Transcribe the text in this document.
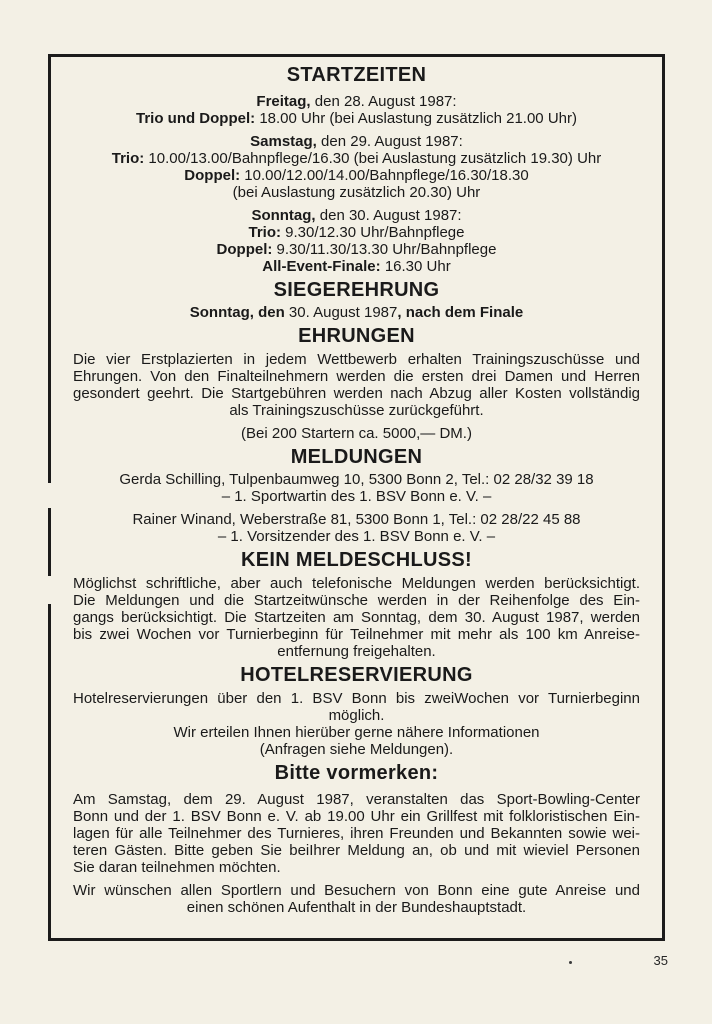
STARTZEITEN
Freitag, den 28. August 1987:
Trio und Doppel: 18.00 Uhr (bei Auslastung zusätzlich 21.00 Uhr)
Samstag, den 29. August 1987:
Trio: 10.00/13.00/Bahnpflege/16.30 (bei Auslastung zusätzlich 19.30) Uhr
Doppel: 10.00/12.00/14.00/Bahnpflege/16.30/18.30
(bei Auslastung zusätzlich 20.30) Uhr
Sonntag, den 30. August 1987:
Trio: 9.30/12.30 Uhr/Bahnpflege
Doppel: 9.30/11.30/13.30 Uhr/Bahnpflege
All-Event-Finale: 16.30 Uhr
SIEGEREHRUNG
Sonntag, den 30. August 1987, nach dem Finale
EHRUNGEN
Die vier Erstplazierten in jedem Wettbewerb erhalten Trainingszuschüsse und
Ehrungen. Von den Finalteilnehmern werden die ersten drei Damen und Herren
gesondert geehrt. Die Startgebühren werden nach Abzug aller Kosten vollständig
als Trainingszuschüsse zurückgeführt.
(Bei 200 Startern ca. 5000,— DM.)
MELDUNGEN
Gerda Schilling, Tulpenbaumweg 10, 5300 Bonn 2, Tel.: 02 28/32 39 18
– 1. Sportwartin des 1. BSV Bonn e. V. –
Rainer Winand, Weberstraße 81, 5300 Bonn 1, Tel.: 02 28/22 45 88
– 1. Vorsitzender des 1. BSV Bonn e. V. –
KEIN MELDESCHLUSS!
Möglichst schriftliche, aber auch telefonische Meldungen werden berücksichtigt.
Die Meldungen und die Startzeitwünsche werden in der Reihenfolge des Ein-
gangs berücksichtigt. Die Startzeiten am Sonntag, dem 30. August 1987, werden
bis zwei Wochen vor Turnierbeginn für Teilnehmer mit mehr als 100 km Anreise-
entfernung freigehalten.
HOTELRESERVIERUNG
Hotelreservierungen über den 1. BSV Bonn bis zweiWochen vor Turnierbeginn
möglich.
Wir erteilen Ihnen hierüber gerne nähere Informationen
(Anfragen siehe Meldungen).
Bitte vormerken:
Am Samstag, dem 29. August 1987, veranstalten das Sport-Bowling-Center
Bonn und der 1. BSV Bonn e. V. ab 19.00 Uhr ein Grillfest mit folkloristischen Ein-
lagen für alle Teilnehmer des Turnieres, ihren Freunden und Bekannten sowie wei-
teren Gästen. Bitte geben Sie beiIhrer Meldung an, ob und mit wieviel Personen
Sie daran teilnehmen möchten.
Wir wünschen allen Sportlern und Besuchern von Bonn eine gute Anreise und
einen schönen Aufenthalt in der Bundeshauptstadt.
35
